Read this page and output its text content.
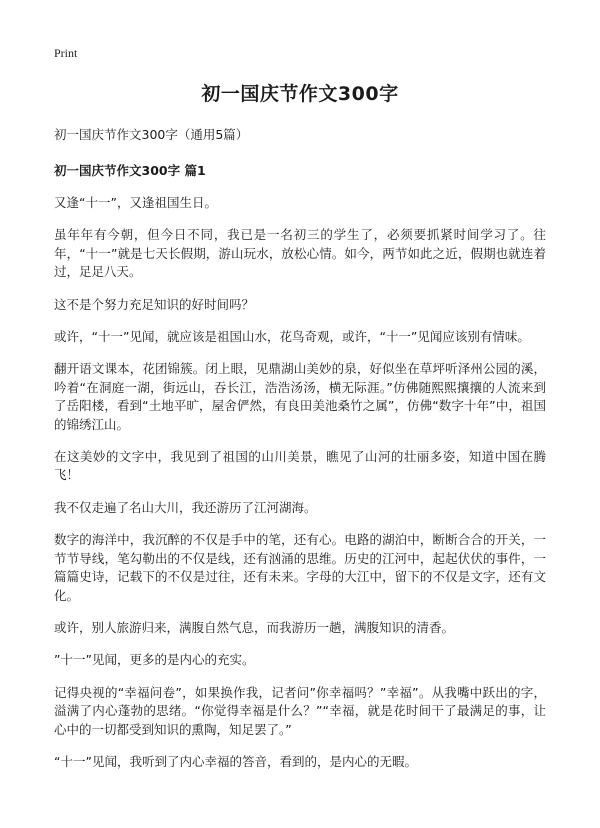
Print
初一国庆节作文300字
初一国庆节作文300字（通用5篇）
初一国庆节作文300字 篇1

又逢“十一”，又逢祖国生日。

虽年年有今朝，但今日不同，我已是一名初三的学生了，必须要抓紧时间学习了。往年，“十一”就是七天长假期，游山玩水，放松心情。如今，两节如此之近，假期也就连着过，足足八天。

这不是个努力充足知识的好时间吗？

或许，“十一”见闻，就应该是祖国山水，花鸟奇观，或许，“十一”见闻应该别有情味。

翻开语文课本，花团锦簇。闭上眼，见鼎湖山美妙的泉，好似坐在草坪听泽州公园的溪，吟着“在洞庭一湖，街远山，吞长江，浩浩汤汤，横无际涯。”仿佛随熙熙攘攘的人流来到了岳阳楼，看到“土地平旷，屋舍俨然，有良田美池桑竹之属”，仿佛“数字十年”中，祖国的锦绣江山。

在这美妙的文字中，我见到了祖国的山川美景，瞧见了山河的壮丽多姿，知道中国在腾飞！

我不仅走遍了名山大川，我还游历了江河湖海。

数字的海洋中，我沉醉的不仅是手中的笔，还有心。电路的湖泊中，断断合合的开关，一节节导线，笔勾勒出的不仅是线，还有汹涌的思维。历史的江河中，起起伏伏的事件，一篇篇史诗，记载下的不仅是过往，还有未来。字母的大江中，留下的不仅是文字，还有文化。

或许，别人旅游归来，满腹自然气息，而我游历一趟，满腹知识的清香。

”十一”见闻，更多的是内心的充实。

记得央视的“幸福问卷”，如果换作我，记者问”你幸福吗？”幸福”。从我嘴中跃出的字，溢满了内心蓬勃的思绪。“你觉得幸福是什么？”“幸福，就是花时间干了最满足的事，让心中的一切都受到知识的熏陶，知足罢了。”

“十一”见闻，我听到了内心幸福的答音，看到的，是内心的无暇。
